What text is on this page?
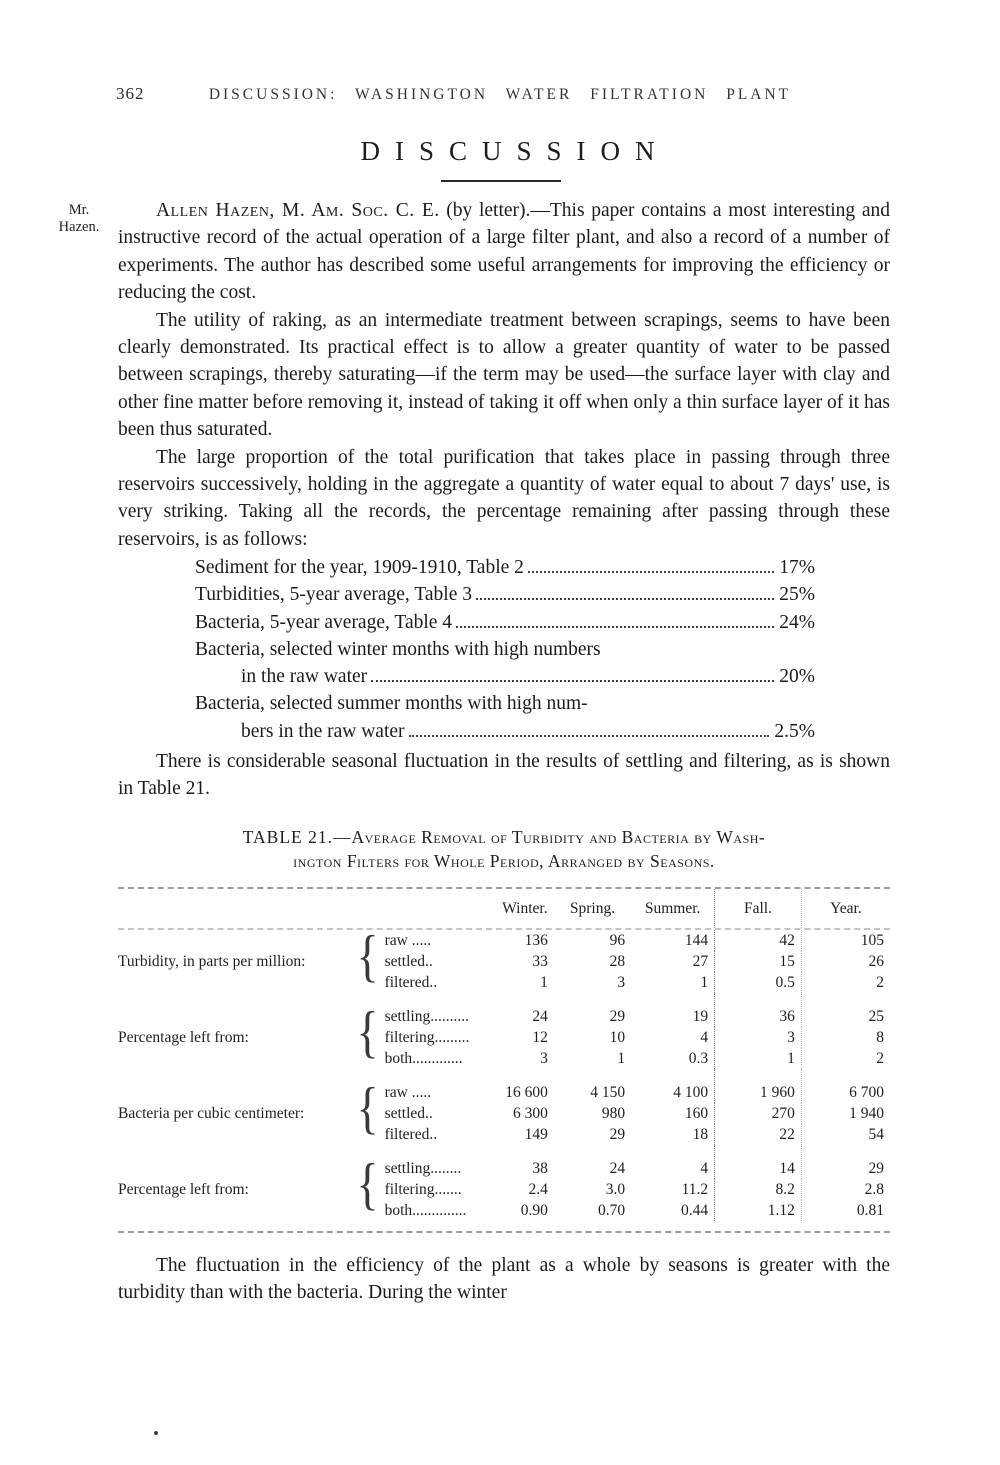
362	DISCUSSION: WASHINGTON WATER FILTRATION PLANT
DISCUSSION
Mr.
Hazen.

Allen Hazen, M. Am. Soc. C. E. (by letter).—This paper contains a most interesting and instructive record of the actual operation of a large filter plant, and also a record of a number of experiments. The author has described some useful arrangements for improving the efficiency or reducing the cost.

The utility of raking, as an intermediate treatment between scrapings, seems to have been clearly demonstrated. Its practical effect is to allow a greater quantity of water to be passed between scrapings, thereby saturating—if the term may be used—the surface layer with clay and other fine matter before removing it, instead of taking it off when only a thin surface layer of it has been thus saturated.

The large proportion of the total purification that takes place in passing through three reservoirs successively, holding in the aggregate a quantity of water equal to about 7 days' use, is very striking. Taking all the records, the percentage remaining after passing through these reservoirs, is as follows:

Sediment for the year, 1909-1910, Table 2	17%
Turbidities, 5-year average, Table 3	25%
Bacteria, 5-year average, Table 4	24%
Bacteria, selected winter months with high numbers
in the raw water	20%
Bacteria, selected summer months with high num-
bers in the raw water	2.5%

There is considerable seasonal fluctuation in the results of settling and filtering, as is shown in Table 21.

TABLE 21.—Average Removal of Turbidity and Bacteria by Wash-
ington Filters for Whole Period, Arranged by Seasons.
			Winter.	Spring.	Summer.	Fall.	Year.

Turbidity, in parts per million:	{	raw .....	136	96	144	42	105
		settled..	33	28	27	15	26
		filtered..	1	3	1	0.5	2
Percentage left from:	{	settling..........	24	29	19	36	25
		filtering.........	12	10	4	3	8
		both.............	3	1	0.3	1	2
Bacteria per cubic centimeter:	{	raw .....	16 600	4 150	4 100	1 960	6 700
		settled..	6 300	980	160	270	1 940
		filtered..	149	29	18	22	54
Percentage left from:	{	settling........	38	24	4	14	29
		filtering.......	2.4	3.0	11.2	8.2	2.8
		both..............	0.90	0.70	0.44	1.12	0.81

The fluctuation in the efficiency of the plant as a whole by seasons is greater with the turbidity than with the bacteria. During the winter
